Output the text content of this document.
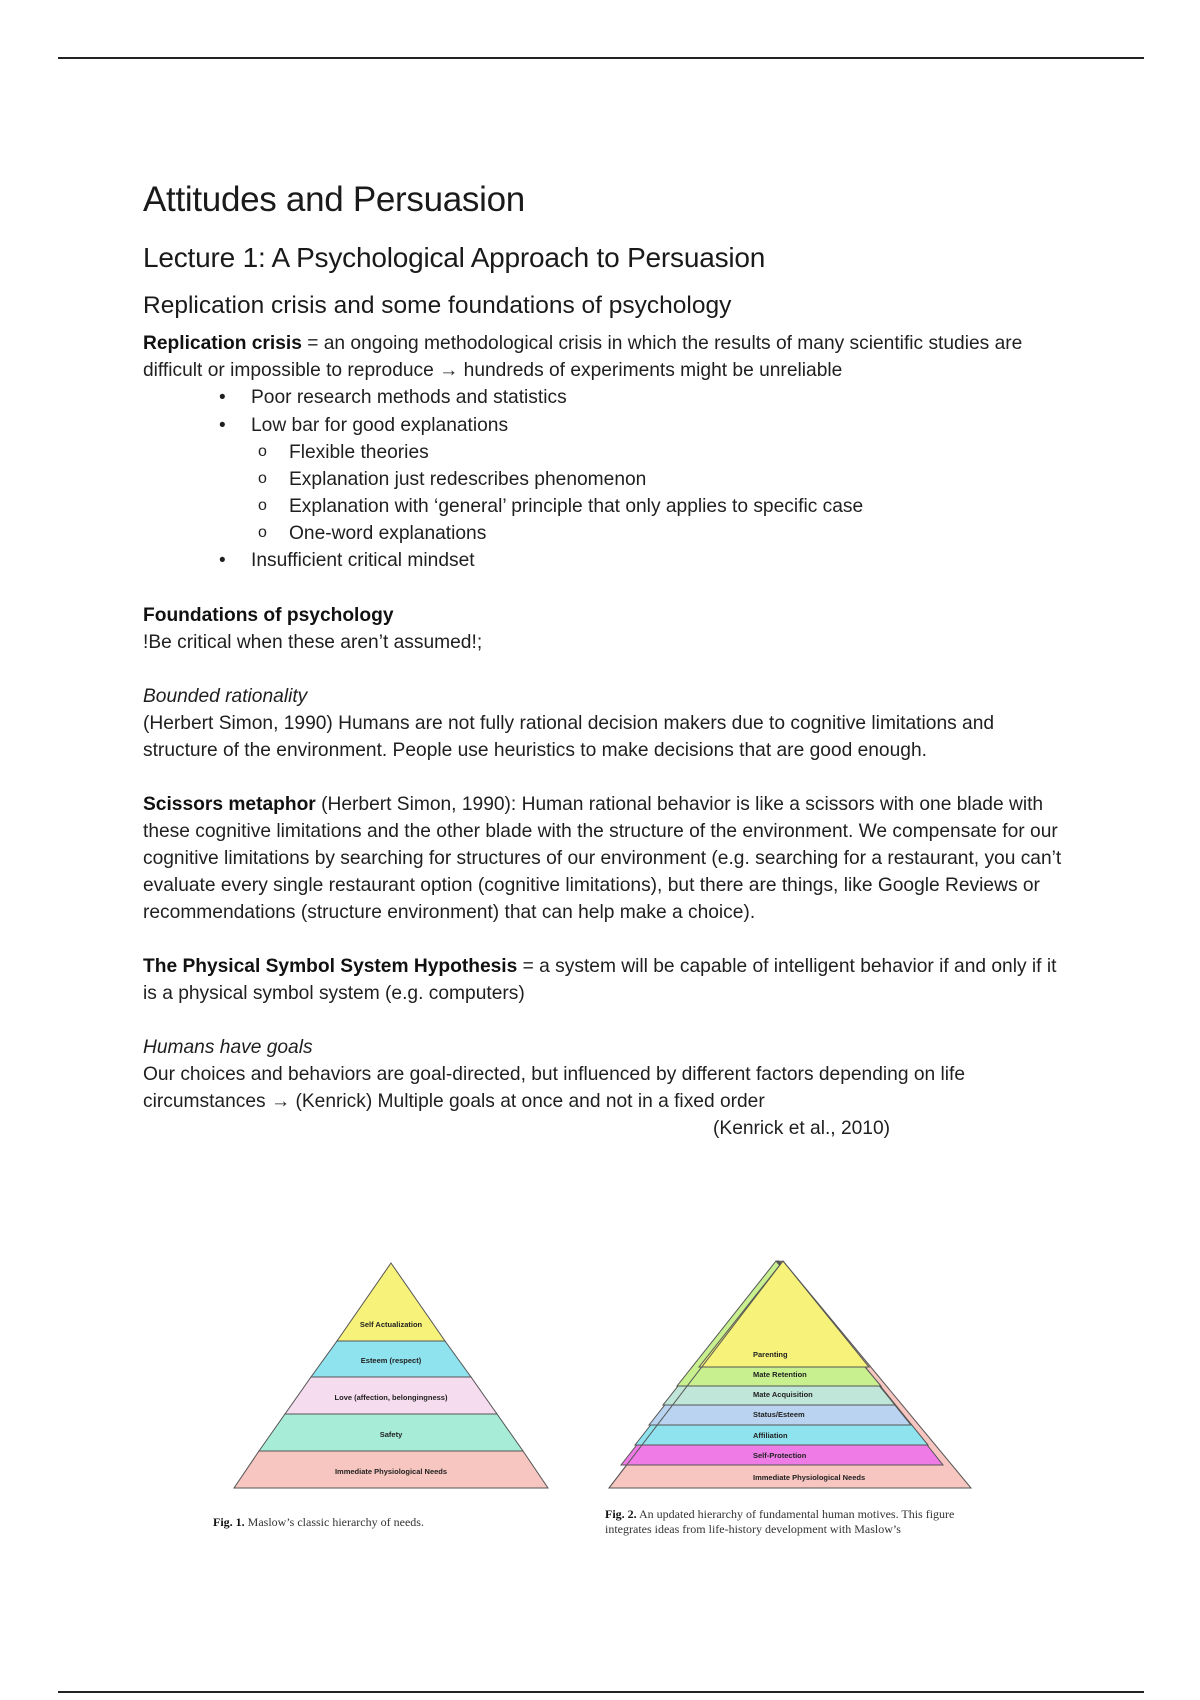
Attitudes and Persuasion
Lecture 1: A Psychological Approach to Persuasion
Replication crisis and some foundations of psychology

Replication crisis = an ongoing methodological crisis in which the results of many scientific studies are difficult or impossible to reproduce → hundreds of experiments might be unreliable

• Poor research methods and statistics
• Low bar for good explanations
o Flexible theories
o Explanation just redescribes phenomenon
o Explanation with ‘general’ principle that only applies to specific case
o One-word explanations
• Insufficient critical mindset

Foundations of psychology

!Be critical when these aren’t assumed!;

Bounded rationality

(Herbert Simon, 1990) Humans are not fully rational decision makers due to cognitive limitations and structure of the environment. People use heuristics to make decisions that are good enough.

Scissors metaphor (Herbert Simon, 1990): Human rational behavior is like a scissors with one blade with these cognitive limitations and the other blade with the structure of the environment. We compensate for our cognitive limitations by searching for structures of our environment (e.g. searching for a restaurant, you can’t evaluate every single restaurant option (cognitive limitations), but there are things, like Google Reviews or recommendations (structure environment) that can help make a choice).

The Physical Symbol System Hypothesis = a system will be capable of intelligent behavior if and only if it is a physical symbol system (e.g. computers)

Humans have goals

Our choices and behaviors are goal-directed, but influenced by different factors depending on life circumstances → (Kenrick) Multiple goals at once and not in a fixed order

(Kenrick et al., 2010)

Self Actualization
Esteem (respect)
Love (affection, belongingness)
Safety
Immediate Physiological Needs
Fig. 1. Maslow’s classic hierarchy of needs.
Parenting
Mate Retention
Mate Acquisition
Status/Esteem
Affiliation
Self-Protection
Immediate Physiological Needs
Fig. 2. An updated hierarchy of fundamental human motives. This figure integrates ideas from life-history development with Maslow’s
